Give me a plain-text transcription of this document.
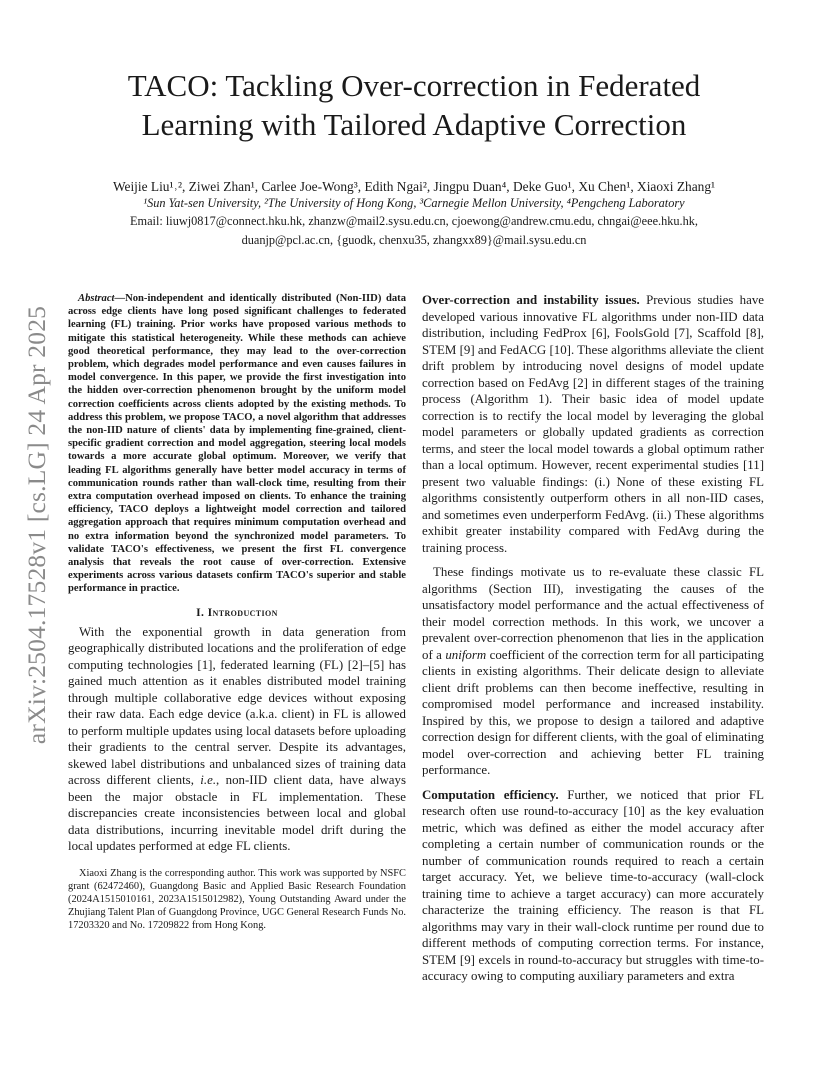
arXiv:2504.17528v1 [cs.LG] 24 Apr 2025
TACO: Tackling Over-correction in Federated Learning with Tailored Adaptive Correction
Weijie Liu¹˒², Ziwei Zhan¹, Carlee Joe-Wong³, Edith Ngai², Jingpu Duan⁴, Deke Guo¹, Xu Chen¹, Xiaoxi Zhang¹
¹Sun Yat-sen University, ²The University of Hong Kong, ³Carnegie Mellon University, ⁴Pengcheng Laboratory
Email: liuwj0817@connect.hku.hk, zhanzw@mail2.sysu.edu.cn, cjoewong@andrew.cmu.edu, chngai@eee.hku.hk,
duanjp@pcl.ac.cn, {guodk, chenxu35, zhangxx89}@mail.sysu.edu.cn

Abstract—Non-independent and identically distributed (Non-IID) data across edge clients have long posed significant challenges to federated learning (FL) training. Prior works have proposed various methods to mitigate this statistical heterogeneity. While these methods can achieve good theoretical performance, they may lead to the over-correction problem, which degrades model performance and even causes failures in model convergence. In this paper, we provide the first investigation into the hidden over-correction phenomenon brought by the uniform model correction coefficients across clients adopted by the existing methods. To address this problem, we propose TACO, a novel algorithm that addresses the non-IID nature of clients' data by implementing fine-grained, client-specific gradient correction and model aggregation, steering local models towards a more accurate global optimum. Moreover, we verify that leading FL algorithms generally have better model accuracy in terms of communication rounds rather than wall-clock time, resulting from their extra computation overhead imposed on clients. To enhance the training efficiency, TACO deploys a lightweight model correction and tailored aggregation approach that requires minimum computation overhead and no extra information beyond the synchronized model parameters. To validate TACO's effectiveness, we present the first FL convergence analysis that reveals the root cause of over-correction. Extensive experiments across various datasets confirm TACO's superior and stable performance in practice.

I. Introduction

With the exponential growth in data generation from geographically distributed locations and the proliferation of edge computing technologies [1], federated learning (FL) [2]–[5] has gained much attention as it enables distributed model training through multiple collaborative edge devices without exposing their raw data. Each edge device (a.k.a. client) in FL is allowed to perform multiple updates using local datasets before uploading their gradients to the central server. Despite its advantages, skewed label distributions and unbalanced sizes of training data across different clients, i.e., non-IID client data, have always been the major obstacle in FL implementation. These discrepancies create inconsistencies between local and global data distributions, incurring inevitable model drift during the local updates performed at edge FL clients.

Xiaoxi Zhang is the corresponding author. This work was supported by NSFC grant (62472460), Guangdong Basic and Applied Basic Research Foundation (2024A1515010161, 2023A1515012982), Young Outstanding Award under the Zhujiang Talent Plan of Guangdong Province, UGC General Research Funds No. 17203320 and No. 17209822 from Hong Kong.

Over-correction and instability issues. Previous studies have developed various innovative FL algorithms under non-IID data distribution, including FedProx [6], FoolsGold [7], Scaffold [8], STEM [9] and FedACG [10]. These algorithms alleviate the client drift problem by introducing novel designs of model update correction based on FedAvg [2] in different stages of the training process (Algorithm 1). Their basic idea of model update correction is to rectify the local model by leveraging the global model parameters or globally updated gradients as correction terms, and steer the local model towards a global optimum rather than a local optimum. However, recent experimental studies [11] present two valuable findings: (i.) None of these existing FL algorithms consistently outperform others in all non-IID cases, and sometimes even underperform FedAvg. (ii.) These algorithms exhibit greater instability compared with FedAvg during the training process.

These findings motivate us to re-evaluate these classic FL algorithms (Section III), investigating the causes of the unsatisfactory model performance and the actual effectiveness of their model correction methods. In this work, we uncover a prevalent over-correction phenomenon that lies in the application of a uniform coefficient of the correction term for all participating clients in existing algorithms. Their delicate design to alleviate client drift problems can then become ineffective, resulting in compromised model performance and increased instability. Inspired by this, we propose to design a tailored and adaptive correction design for different clients, with the goal of eliminating model over-correction and achieving better FL training performance.

Computation efficiency. Further, we noticed that prior FL research often use round-to-accuracy [10] as the key evaluation metric, which was defined as either the model accuracy after completing a certain number of communication rounds or the number of communication rounds required to reach a certain target accuracy. Yet, we believe time-to-accuracy (wall-clock training time to achieve a target accuracy) can more accurately characterize the training efficiency. The reason is that FL algorithms may vary in their wall-clock runtime per round due to different methods of computing correction terms. For instance, STEM [9] excels in round-to-accuracy but struggles with time-to-accuracy owing to computing auxiliary parameters and extra
